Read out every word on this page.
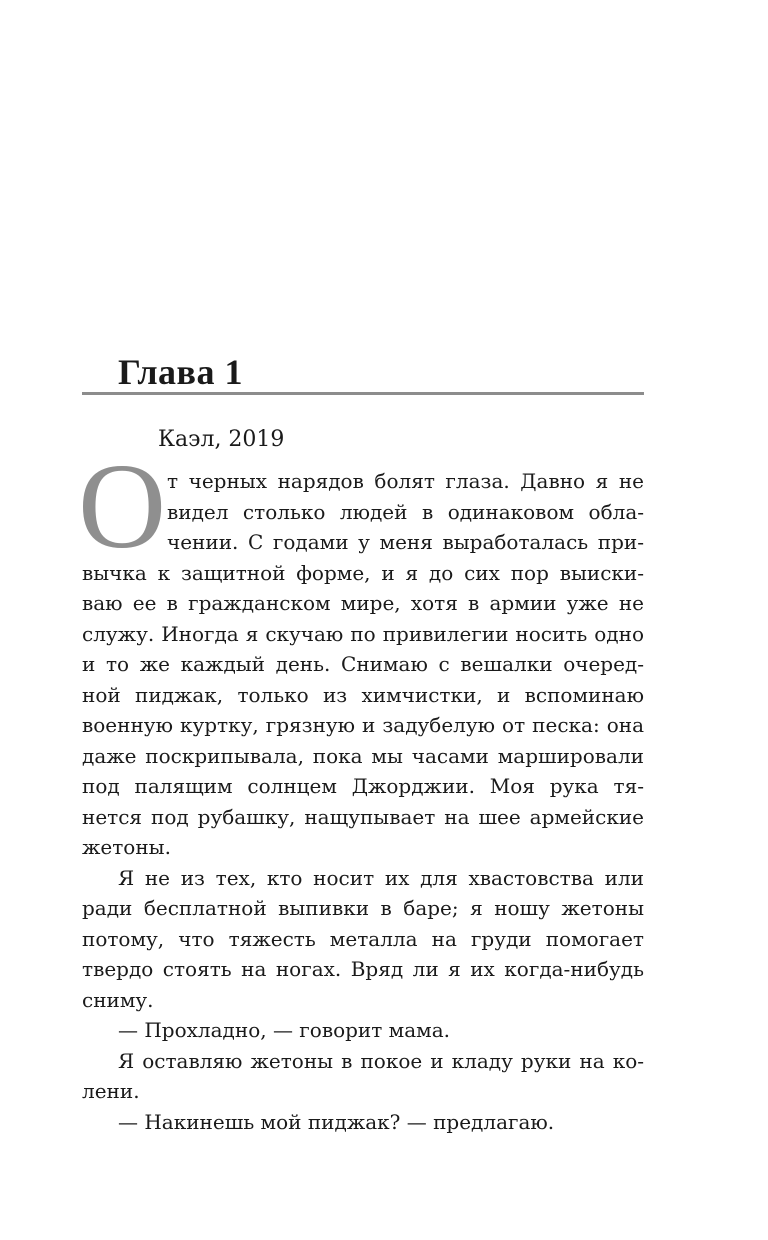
Глава 1
Каэл, 2019
О т черных нарядов болят глаза. Давно я не
видел столько людей в одинаковом обла-
чении. С годами у меня выработалась при-
вычка к защитной форме, и я до сих пор выиски-
ваю ее в гражданском мире, хотя в армии уже не
служу. Иногда я скучаю по привилегии носить одно
и то же каждый день. Снимаю с вешалки очеред-
ной пиджак, только из химчистки, и вспоминаю
военную куртку, грязную и задубелую от песка: она
даже поскрипывала, пока мы часами маршировали
под палящим солнцем Джорджии. Моя рука тя-
нется под рубашку, нащупывает на шее армейские
жетоны.
Я не из тех, кто носит их для хвастовства или
ради бесплатной выпивки в баре; я ношу жетоны
потому, что тяжесть металла на груди помогает
твердо стоять на ногах. Вряд ли я их когда-нибудь
сниму.
— Прохладно, — говорит мама.
Я оставляю жетоны в покое и кладу руки на ко-
лени.
— Накинешь мой пиджак? — предлагаю.
